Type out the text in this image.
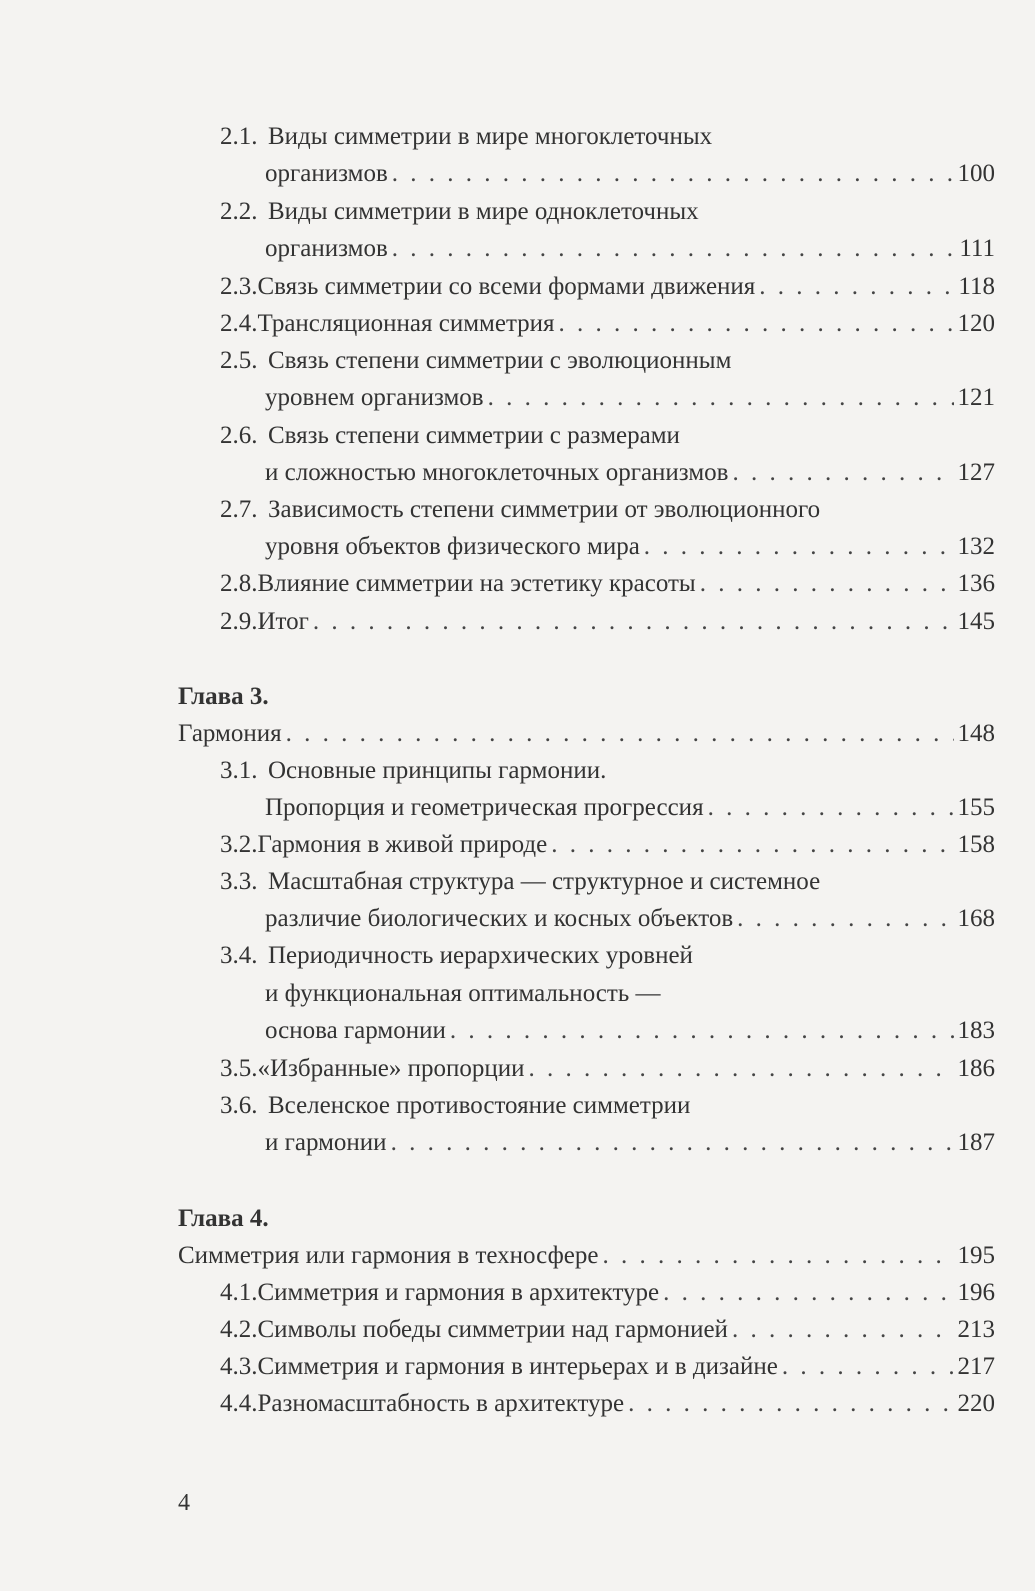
2.1. Виды симметрии в мире многоклеточных
организмов . . .	100
2.2. Виды симметрии в мире одноклеточных
организмов . . .	111
2.3. Связь симметрии со всеми формами движения . . .	118
2.4. Трансляционная симметрия . . .	120
2.5. Связь степени симметрии с эволюционным
уровнем организмов . . .	121
2.6. Связь степени симметрии с размерами
и сложностью многоклеточных организмов . . .	127
2.7. Зависимость степени симметрии от эволюционного
уровня объектов физического мира . . .	132
2.8. Влияние симметрии на эстетику красоты . . .	136
2.9. Итог . . .	145
Глава 3.
Гармония . . .	148
3.1. Основные принципы гармонии.
Пропорция и геометрическая прогрессия . . .	155
3.2. Гармония в живой природе . . .	158
3.3. Масштабная структура — структурное и системное
различие биологических и косных объектов . . .	168
3.4. Периодичность иерархических уровней
и функциональная оптимальность —
основа гармонии . . .	183
3.5. «Избранные» пропорции . . .	186
3.6. Вселенское противостояние симметрии
и гармонии . . .	187
Глава 4.
Симметрия или гармония в техносфере . . .	195
4.1. Симметрия и гармония в архитектуре . . .	196
4.2. Символы победы симметрии над гармонией . . .	213
4.3. Симметрия и гармония в интерьерах и в дизайне . . .	217
4.4. Разномасштабность в архитектуре . . .	220
4
